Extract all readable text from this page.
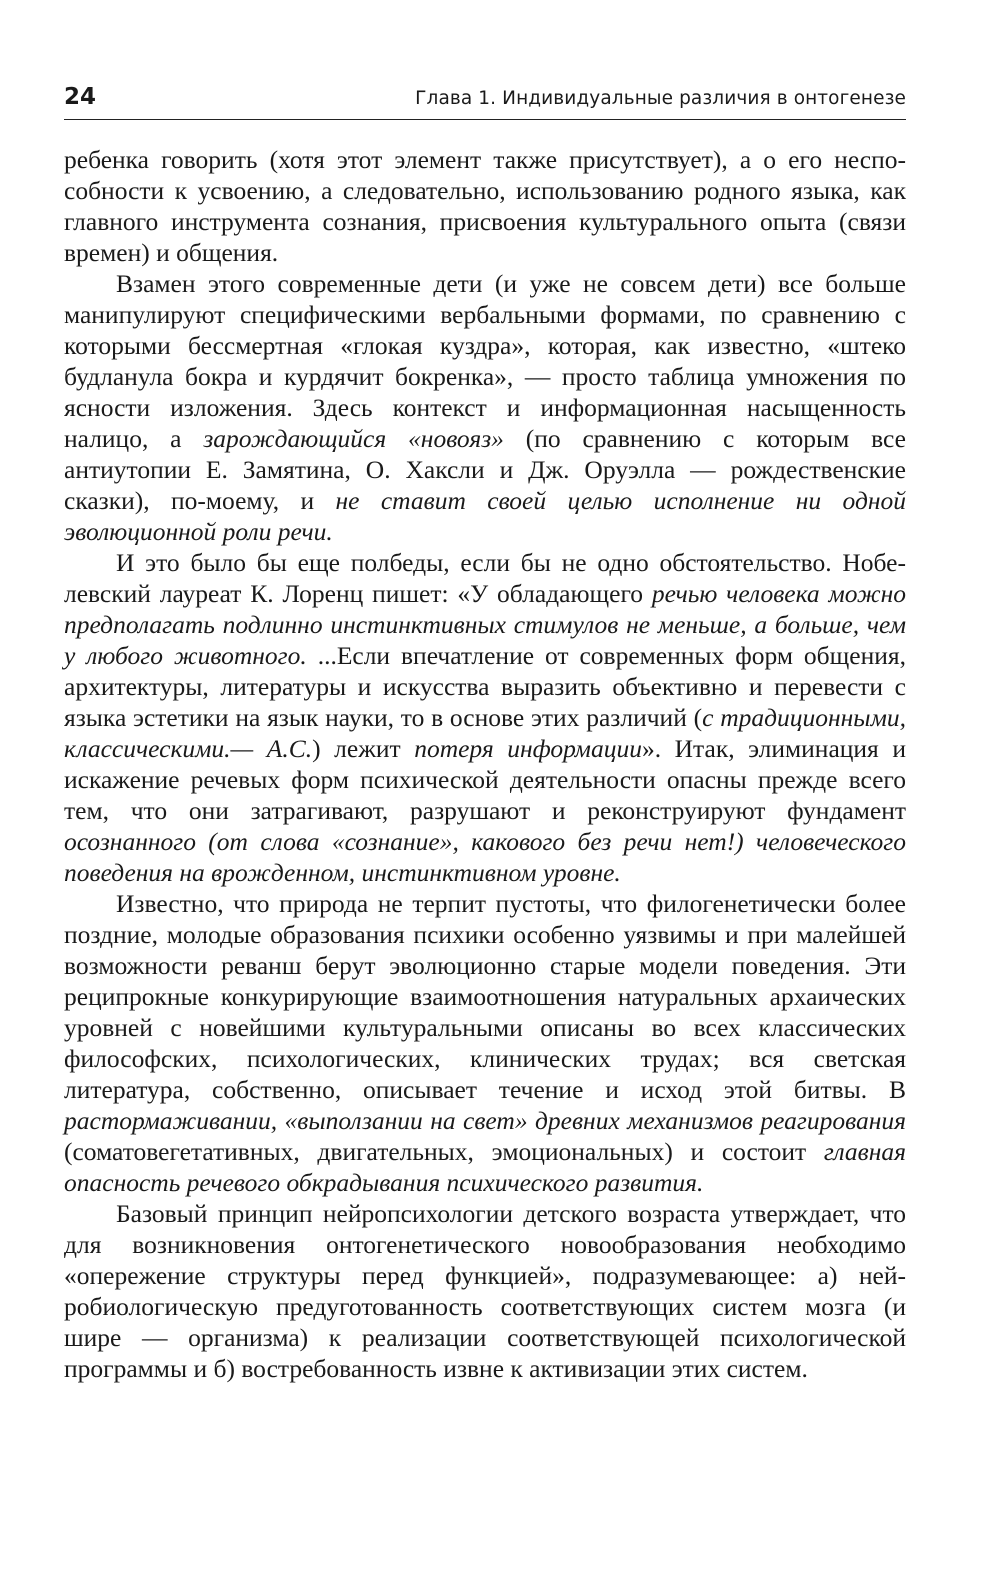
24	Глава 1. Индивидуальные различия в онтогенезе

ребенка говорить (хотя этот элемент также присутствует), а о его неспособности к усвоению, а следовательно, использованию родного языка, как главного инструмента сознания, присвоения культурального опыта (связи времен) и общения.

Взамен этого современные дети (и уже не совсем дети) все больше манипулируют специфическими вербальными формами, по сравнению с которыми бессмертная «глокая куздра», которая, как известно, «штеко будланула бокра и курдячит бокренка», — просто таблица умножения по ясности изложения. Здесь контекст и информационная насыщенность налицо, а зарождающийся «новояз» (по сравнению с которым все антиутопии Е. Замятина, О. Хаксли и Дж. Оруэлла — рождественские сказки), по-моему, и не ставит своей целью исполнение ни одной эволюционной роли речи.

И это было бы еще полбеды, если бы не одно обстоятельство. Нобелевский лауреат К. Лоренц пишет: «У обладающего речью человека можно предполагать подлинно инстинктивных стимулов не меньше, а больше, чем у любого животного. ...Если впечатление от современных форм общения, архитектуры, литературы и искусства выразить объективно и перевести с языка эстетики на язык науки, то в основе этих различий (с традиционными, классическими.— А.С.) лежит потеря информации». Итак, элиминация и искажение речевых форм психической деятельности опасны прежде всего тем, что они затрагивают, разрушают и реконструируют фундамент осознанного (от слова «сознание», какового без речи нет!) человеческого поведения на врожденном, инстинктивном уровне.

Известно, что природа не терпит пустоты, что филогенетически более поздние, молодые образования психики особенно уязвимы и при малейшей возможности реванш берут эволюционно старые модели поведения. Эти реципрокные конкурирующие взаимоотношения натуральных архаических уровней с новейшими культуральными описаны во всех классических философских, психологических, клинических трудах; вся светская литература, собственно, описывает течение и исход этой битвы. В растормаживании, «выползании на свет» древних механизмов реагирования (соматовегетативных, двигательных, эмоциональных) и состоит главная опасность речевого обкрадывания психического развития.

Базовый принцип нейропсихологии детского возраста утверждает, что для возникновения онтогенетического новообразования необходимо «опережение структуры перед функцией», подразумевающее: а) нейробиологическую предуготованность соответствующих систем мозга (и шире — организма) к реализации соответствующей психологической программы и б) востребованность извне к активизации этих систем.
